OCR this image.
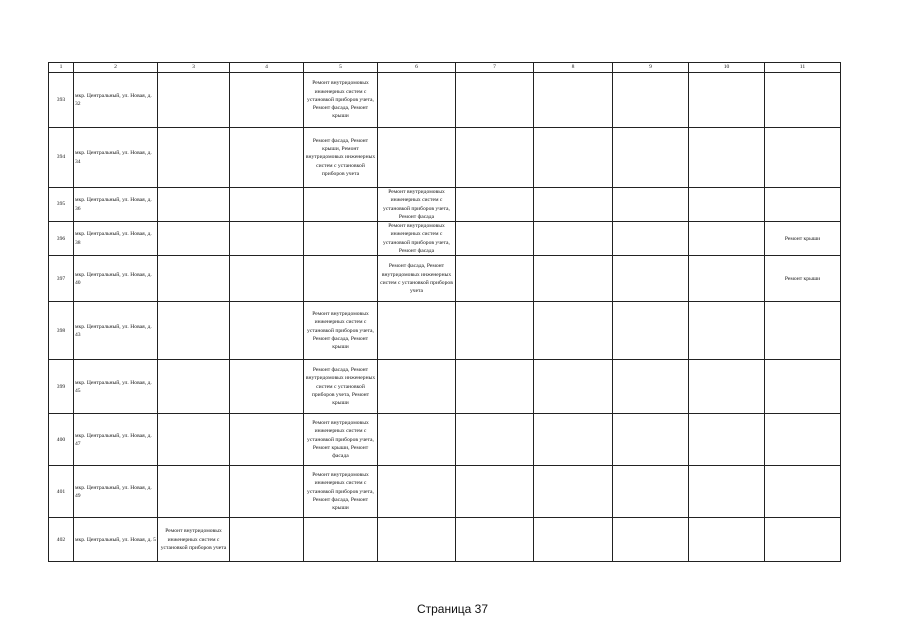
1	2	3	4	5	6	7	8	9	10	11
393	мкр. Центральный, ул. Новая, д. 32			Ремонт внутридомовых инженерных систем с установкой приборов учета, Ремонт фасада, Ремонт крыши						
394	мкр. Центральный, ул. Новая, д. 34			Ремонт фасада, Ремонт крыши, Ремонт внутридомовых инженерных систем с установкой приборов учета						
395	мкр. Центральный, ул. Новая, д. 36				Ремонт внутридомовых инженерных систем с установкой приборов учета, Ремонт фасада					
396	мкр. Центральный, ул. Новая, д. 38				Ремонт внутридомовых инженерных систем с установкой приборов учета, Ремонт фасада					Ремонт крыши
397	мкр. Центральный, ул. Новая, д. 40				Ремонт фасада, Ремонт внутридомовых инженерных систем с установкой приборов учета					Ремонт крыши
398	мкр. Центральный, ул. Новая, д. 43			Ремонт внутридомовых инженерных систем с установкой приборов учета, Ремонт фасада, Ремонт крыши						
399	мкр. Центральный, ул. Новая, д. 45			Ремонт фасада, Ремонт внутридомовых инженерных систем с установкой приборов учета, Ремонт крыши						
400	мкр. Центральный, ул. Новая, д. 47			Ремонт внутридомовых инженерных систем с установкой приборов учета, Ремонт крыши, Ремонт фасада						
401	мкр. Центральный, ул. Новая, д. 49			Ремонт внутридомовых инженерных систем с установкой приборов учета, Ремонт фасада, Ремонт крыши						
402	мкр. Центральный, ул. Новая, д. 5	Ремонт внутридомовых инженерных систем с установкой приборов учета								
Страница 37
